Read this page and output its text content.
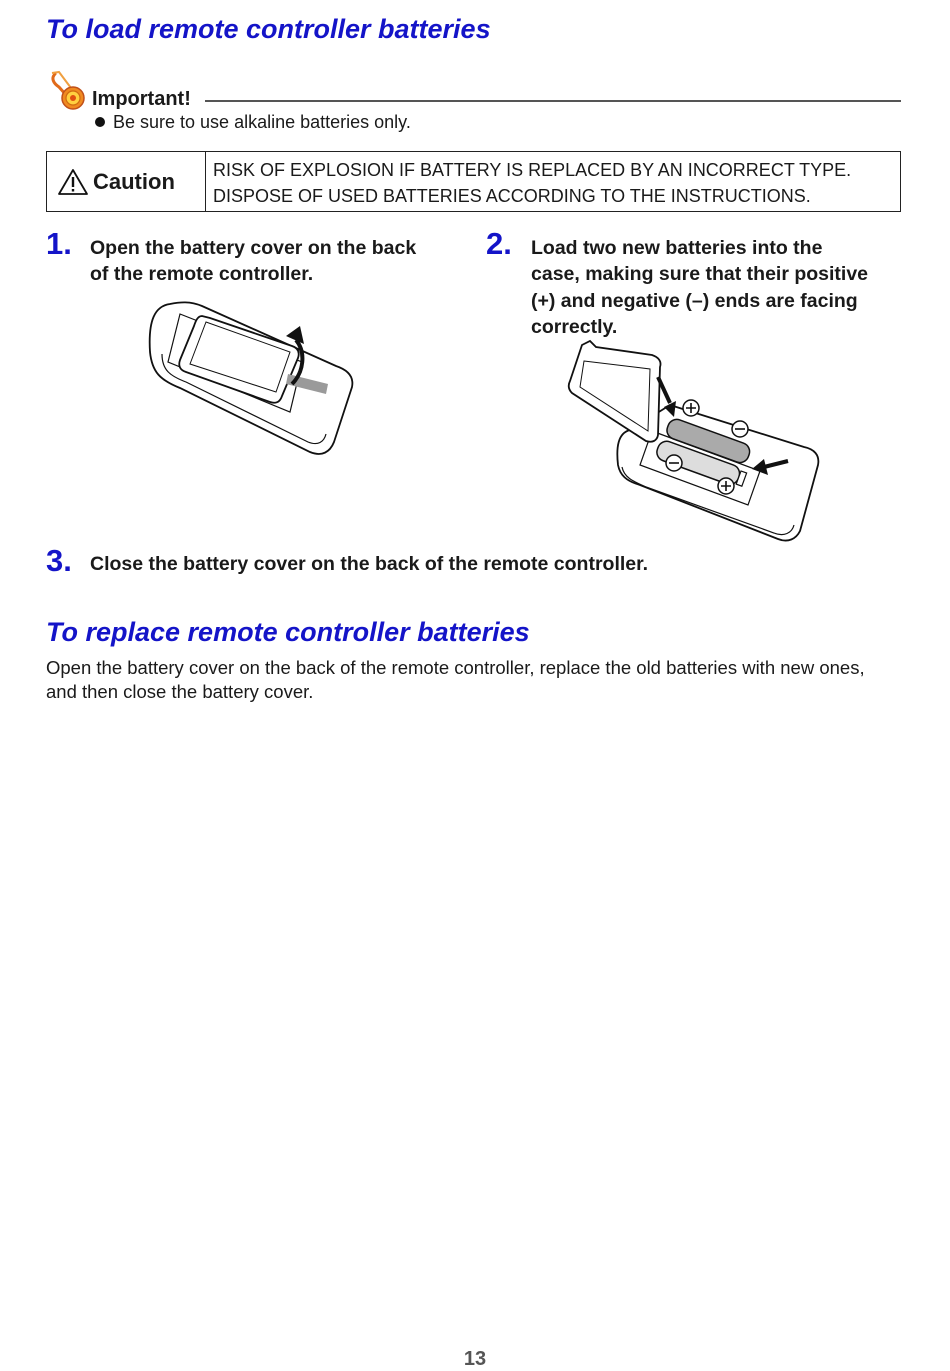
To load remote controller batteries
Important!
Be sure to use alkaline batteries only.
Caution RISK OF EXPLOSION IF BATTERY IS REPLACED BY AN INCORRECT TYPE.
DISPOSE OF USED BATTERIES ACCORDING TO THE INSTRUCTIONS.
1. Open the battery cover on the back
of the remote controller.
2. Load two new batteries into the
case, making sure that their positive
(+) and negative (–) ends are facing
correctly.
3. Close the battery cover on the back of the remote controller.
To replace remote controller batteries
Open the battery cover on the back of the remote controller, replace the old batteries with new ones,
and then close the battery cover.
13
